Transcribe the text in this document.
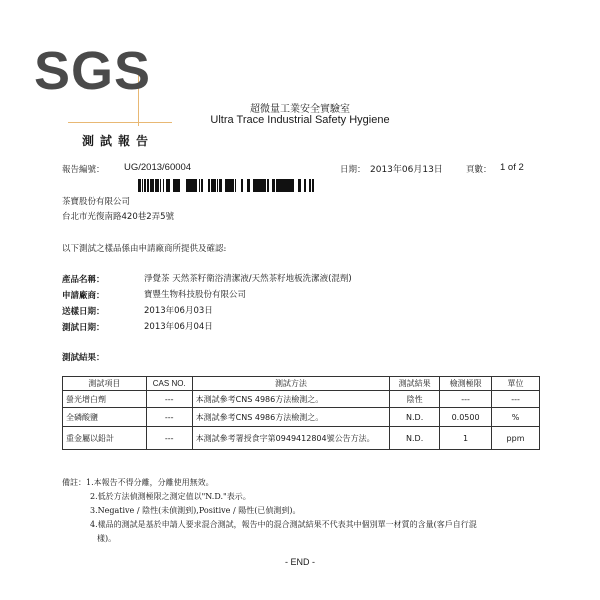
SGS
超微量工業安全實驗室
Ultra Trace Industrial Safety Hygiene
測試報告
報告編號： UG/2013/60004	日期： 2013年06月13日	頁數： 1 of 2
茶寶股份有限公司
台北市光復南路420巷2弄5號
以下測試之樣品係由申請廠商所提供及確認:
產品名稱：	淨覺茶 天然茶籽衛浴清潔液/天然茶籽地板洗潔液(混劑)
申請廠商：	寶豐生物科技股份有限公司
送樣日期：	2013年06月03日
測試日期：	2013年06月04日
測試結果：
測試項目	CAS NO.	測試方法	測試結果	檢測極限	單位
螢光增白劑	---	本測試參考CNS 4986方法檢測之。	陰性	---	---
全磷酸鹽	---	本測試參考CNS 4986方法檢測之。	N.D.	0.0500	%
重金屬以鉛計	---	本測試參考署授食字第0949412804號公告方法。	N.D.	1	ppm
備註：1.本報告不得分離，分離使用無效。
2.低於方法偵測極限之測定值以"N.D."表示。
3.Negative / 陰性(未偵測到),Positive / 陽性(已偵測到)。
4.樣品的測試是基於申請人要求混合測試，報告中的混合測試結果不代表其中個別單一材質的含量(客戶自行混
樣)。
- END -
